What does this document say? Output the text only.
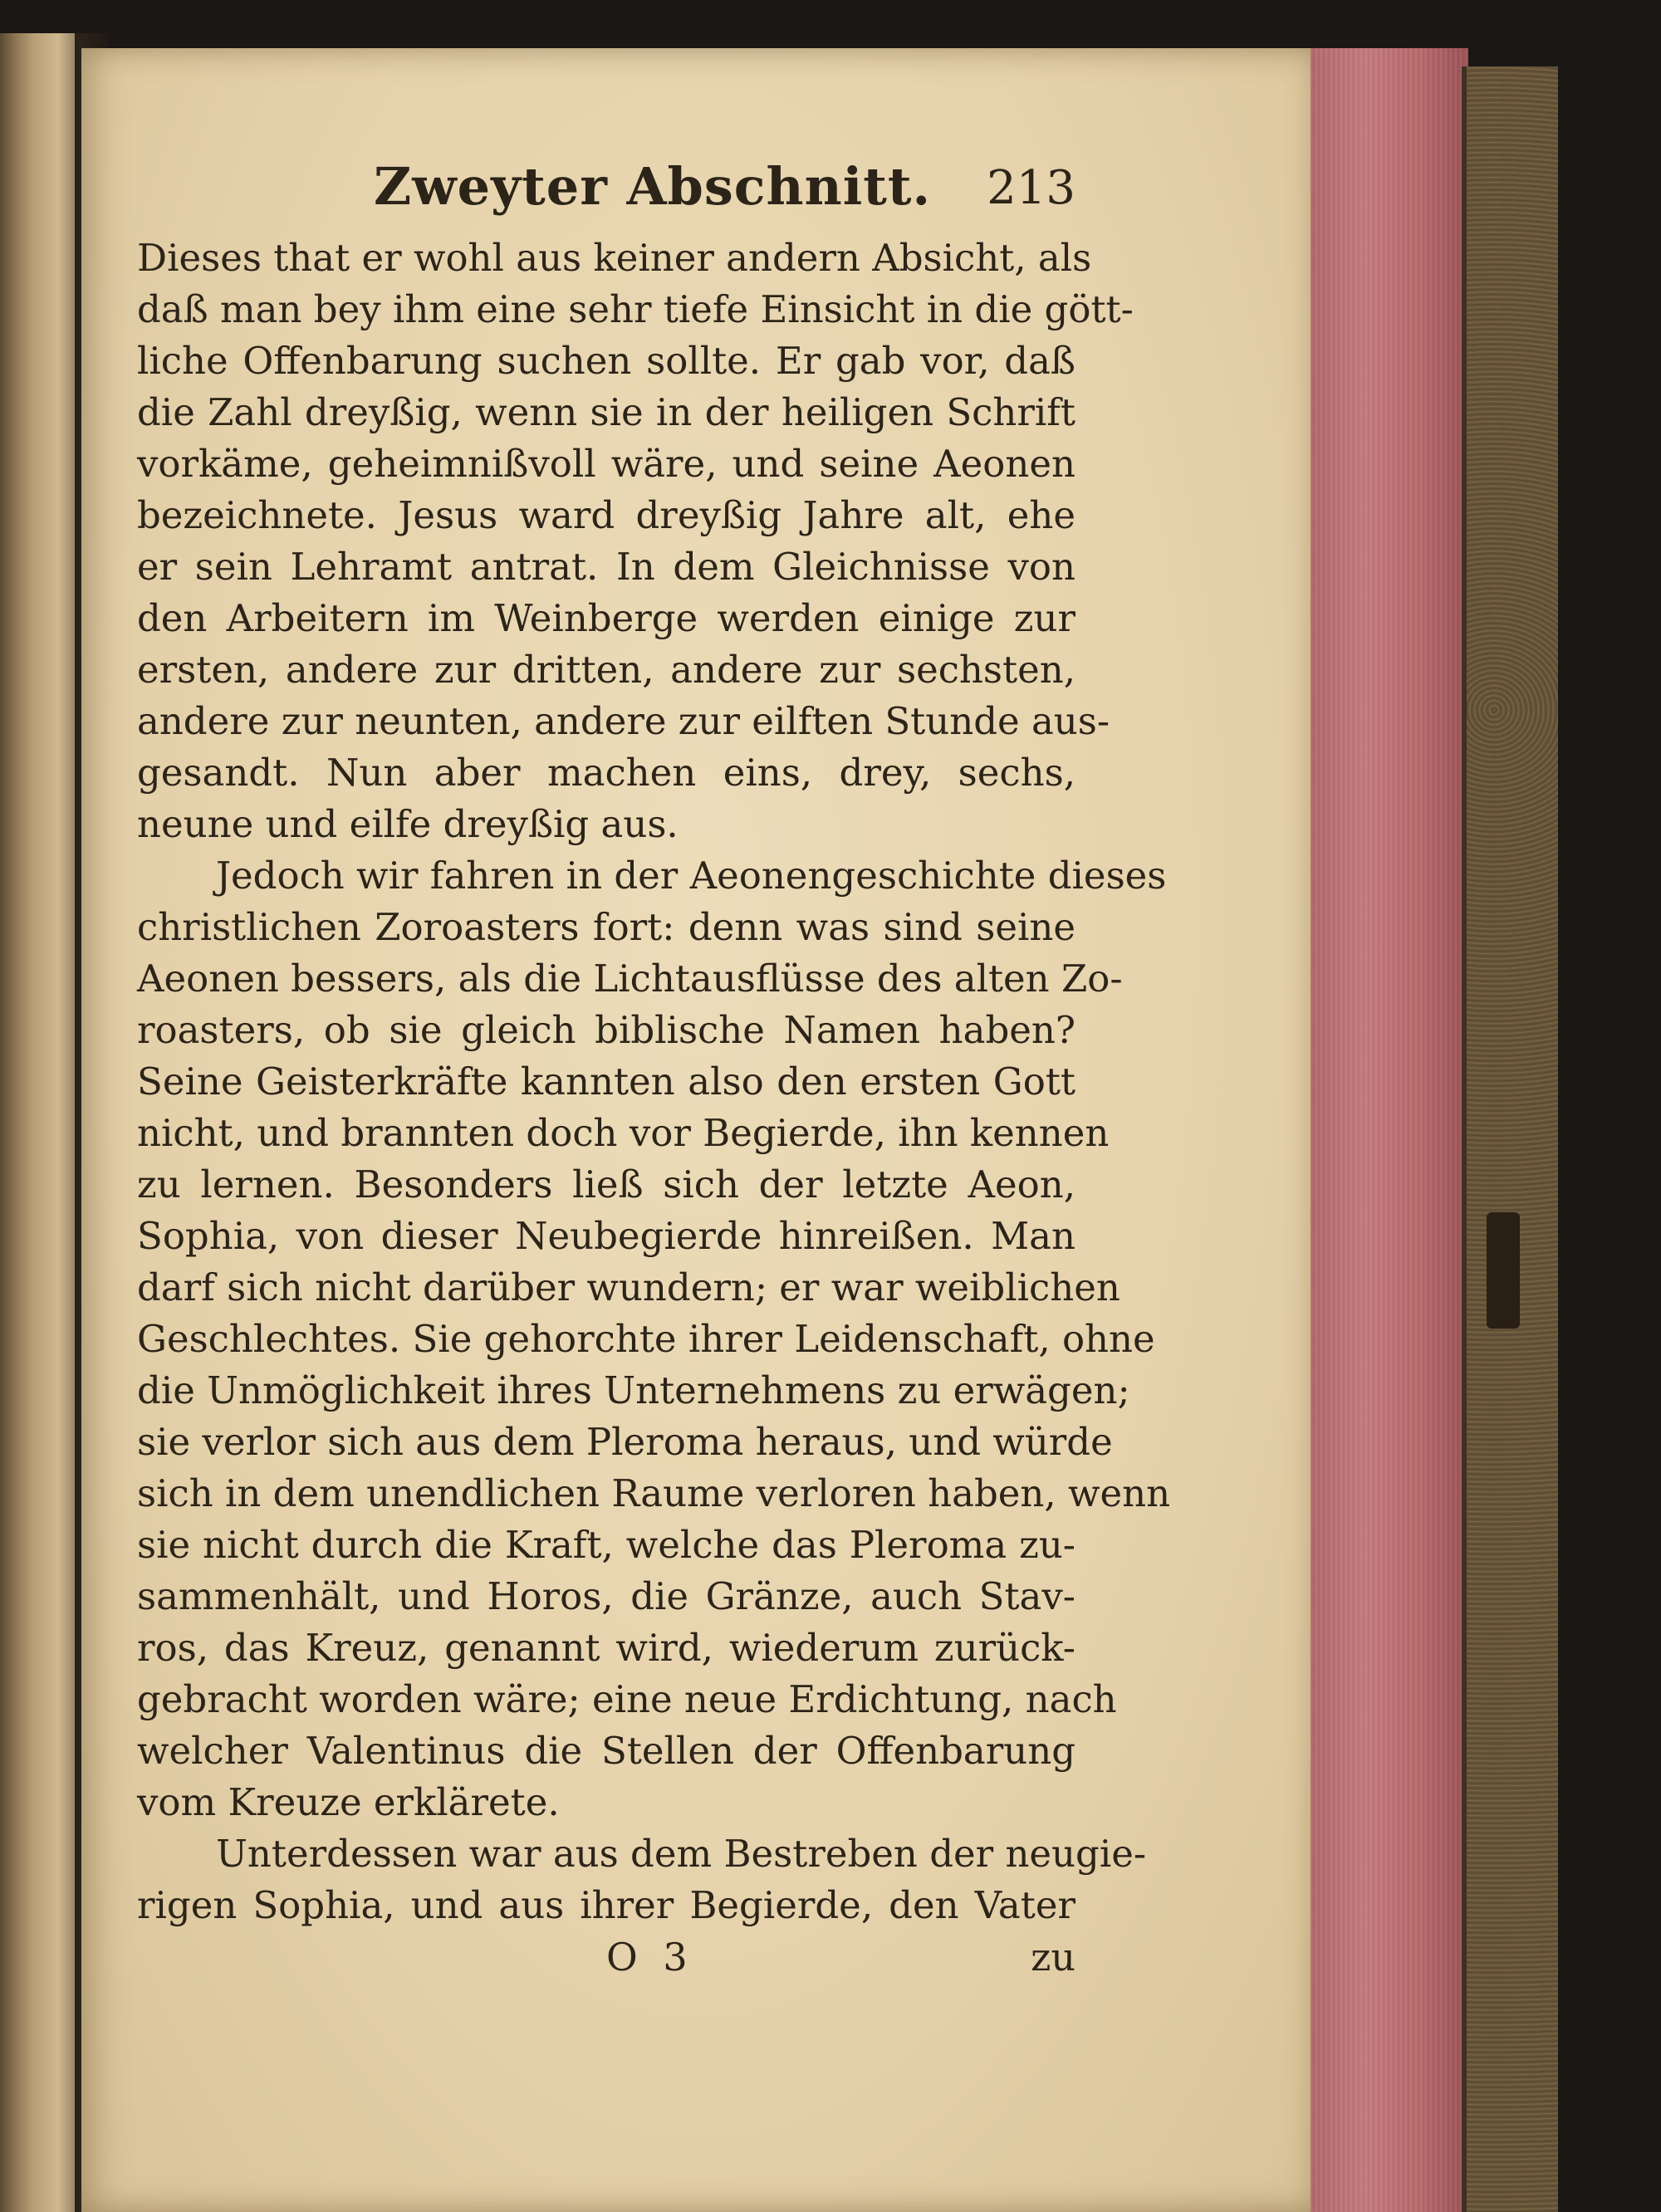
Zweyter Abschnitt. 213
Dieses that er wohl aus keiner andern Absicht, als
daß man bey ihm eine sehr tiefe Einsicht in die gött-
liche Offenbarung suchen sollte. Er gab vor, daß
die Zahl dreyßig, wenn sie in der heiligen Schrift
vorkäme, geheimnißvoll wäre, und seine Aeonen
bezeichnete. Jesus ward dreyßig Jahre alt, ehe
er sein Lehramt antrat. In dem Gleichnisse von
den Arbeitern im Weinberge werden einige zur
ersten, andere zur dritten, andere zur sechsten,
andere zur neunten, andere zur eilften Stunde aus-
gesandt. Nun aber machen eins, drey, sechs,
neune und eilfe dreyßig aus.
Jedoch wir fahren in der Aeonengeschichte dieses
christlichen Zoroasters fort: denn was sind seine
Aeonen bessers, als die Lichtausflüsse des alten Zo-
roasters, ob sie gleich biblische Namen haben?
Seine Geisterkräfte kannten also den ersten Gott
nicht, und brannten doch vor Begierde, ihn kennen
zu lernen. Besonders ließ sich der letzte Aeon,
Sophia, von dieser Neubegierde hinreißen. Man
darf sich nicht darüber wundern; er war weiblichen
Geschlechtes. Sie gehorchte ihrer Leidenschaft, ohne
die Unmöglichkeit ihres Unternehmens zu erwägen;
sie verlor sich aus dem Pleroma heraus, und würde
sich in dem unendlichen Raume verloren haben, wenn
sie nicht durch die Kraft, welche das Pleroma zu-
sammenhält, und Horos, die Gränze, auch Stav-
ros, das Kreuz, genannt wird, wiederum zurück-
gebracht worden wäre; eine neue Erdichtung, nach
welcher Valentinus die Stellen der Offenbarung
vom Kreuze erklärete.
Unterdessen war aus dem Bestreben der neugie-
rigen Sophia, und aus ihrer Begierde, den Vater
O 3	zu
